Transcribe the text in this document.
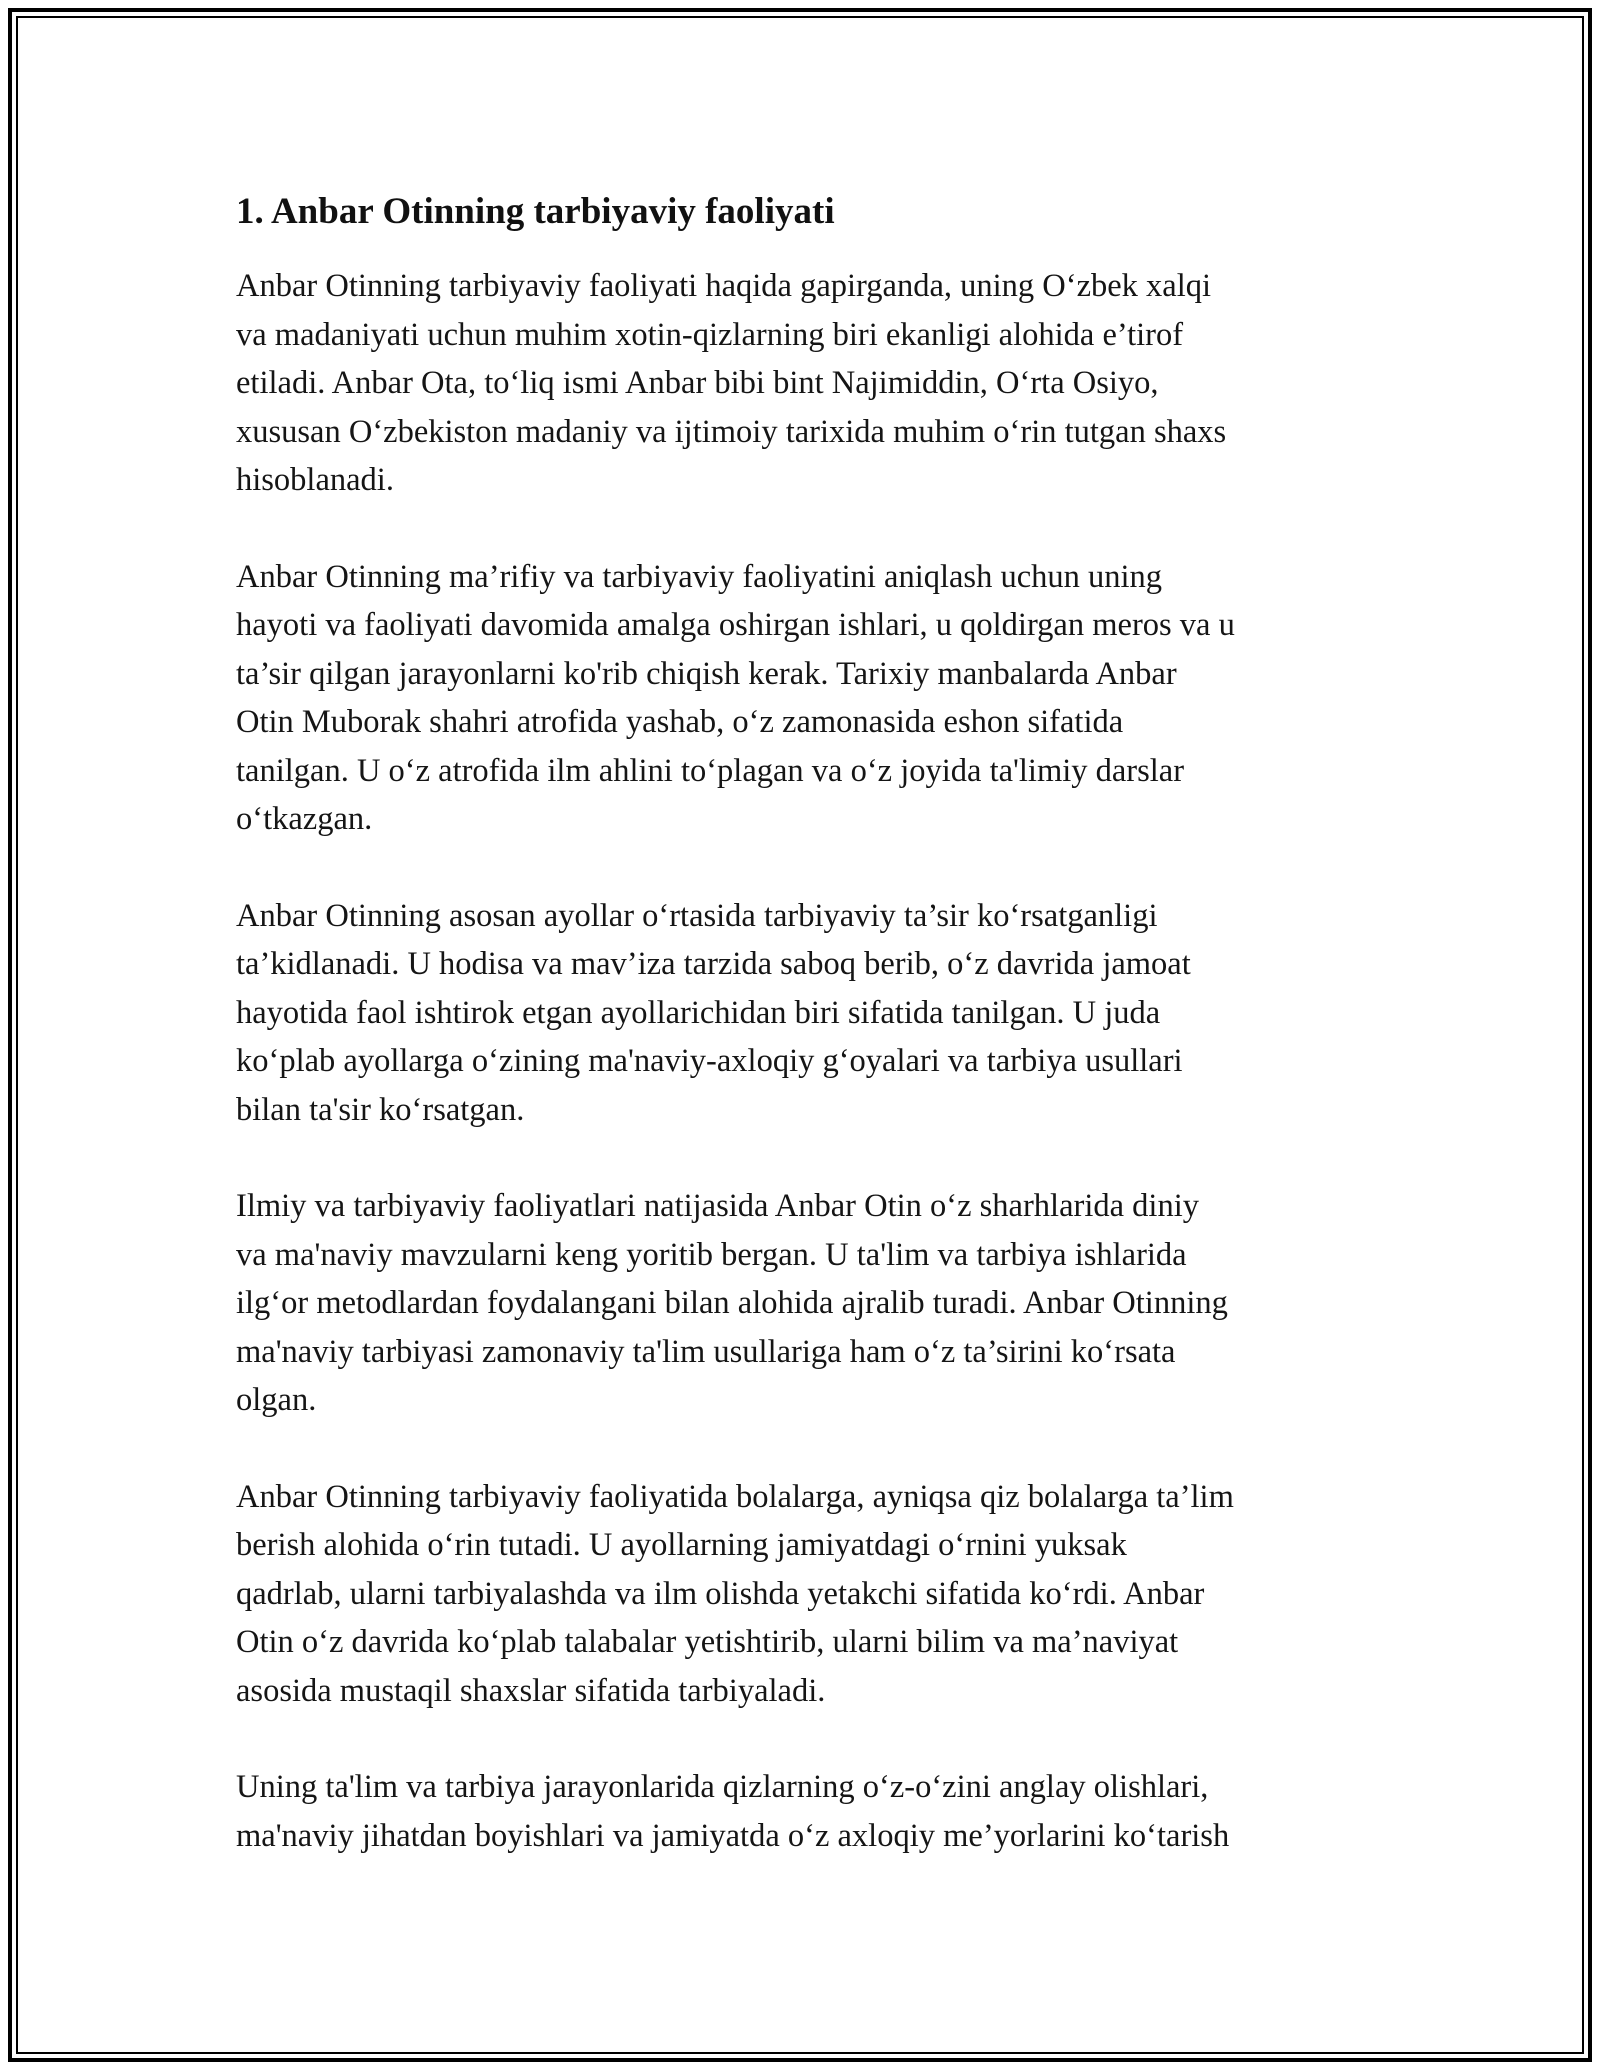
1. Anbar Otinning tarbiyaviy faoliyati

Anbar Otinning tarbiyaviy faoliyati haqida gapirganda, uning O‘zbek xalqi
va madaniyati uchun muhim xotin-qizlarning biri ekanligi alohida e’tirof
etiladi. Anbar Ota, to‘liq ismi Anbar bibi bint Najimiddin, O‘rta Osiyo,
xususan O‘zbekiston madaniy va ijtimoiy tarixida muhim o‘rin tutgan shaxs
hisoblanadi.

Anbar Otinning ma’rifiy va tarbiyaviy faoliyatini aniqlash uchun uning
hayoti va faoliyati davomida amalga oshirgan ishlari, u qoldirgan meros va u
ta’sir qilgan jarayonlarni ko'rib chiqish kerak. Tarixiy manbalarda Anbar
Otin Muborak shahri atrofida yashab, o‘z zamonasida eshon sifatida
tanilgan. U o‘z atrofida ilm ahlini to‘plagan va o‘z joyida ta'limiy darslar
o‘tkazgan.

Anbar Otinning asosan ayollar o‘rtasida tarbiyaviy ta’sir ko‘rsatganligi
ta’kidlanadi. U hodisa va mav’iza tarzida saboq berib, o‘z davrida jamoat
hayotida faol ishtirok etgan ayollarichidan biri sifatida tanilgan. U juda
ko‘plab ayollarga o‘zining ma'naviy-axloqiy g‘oyalari va tarbiya usullari
bilan ta'sir ko‘rsatgan.

Ilmiy va tarbiyaviy faoliyatlari natijasida Anbar Otin o‘z sharhlarida diniy
va ma'naviy mavzularni keng yoritib bergan. U ta'lim va tarbiya ishlarida
ilg‘or metodlardan foydalangani bilan alohida ajralib turadi. Anbar Otinning
ma'naviy tarbiyasi zamonaviy ta'lim usullariga ham o‘z ta’sirini ko‘rsata
olgan.

Anbar Otinning tarbiyaviy faoliyatida bolalarga, ayniqsa qiz bolalarga ta’lim
berish alohida o‘rin tutadi. U ayollarning jamiyatdagi o‘rnini yuksak
qadrlab, ularni tarbiyalashda va ilm olishda yetakchi sifatida ko‘rdi. Anbar
Otin o‘z davrida ko‘plab talabalar yetishtirib, ularni bilim va ma’naviyat
asosida mustaqil shaxslar sifatida tarbiyaladi.

Uning ta'lim va tarbiya jarayonlarida qizlarning o‘z-o‘zini anglay olishlari,
ma'naviy jihatdan boyishlari va jamiyatda o‘z axloqiy me’yorlarini ko‘tarish
